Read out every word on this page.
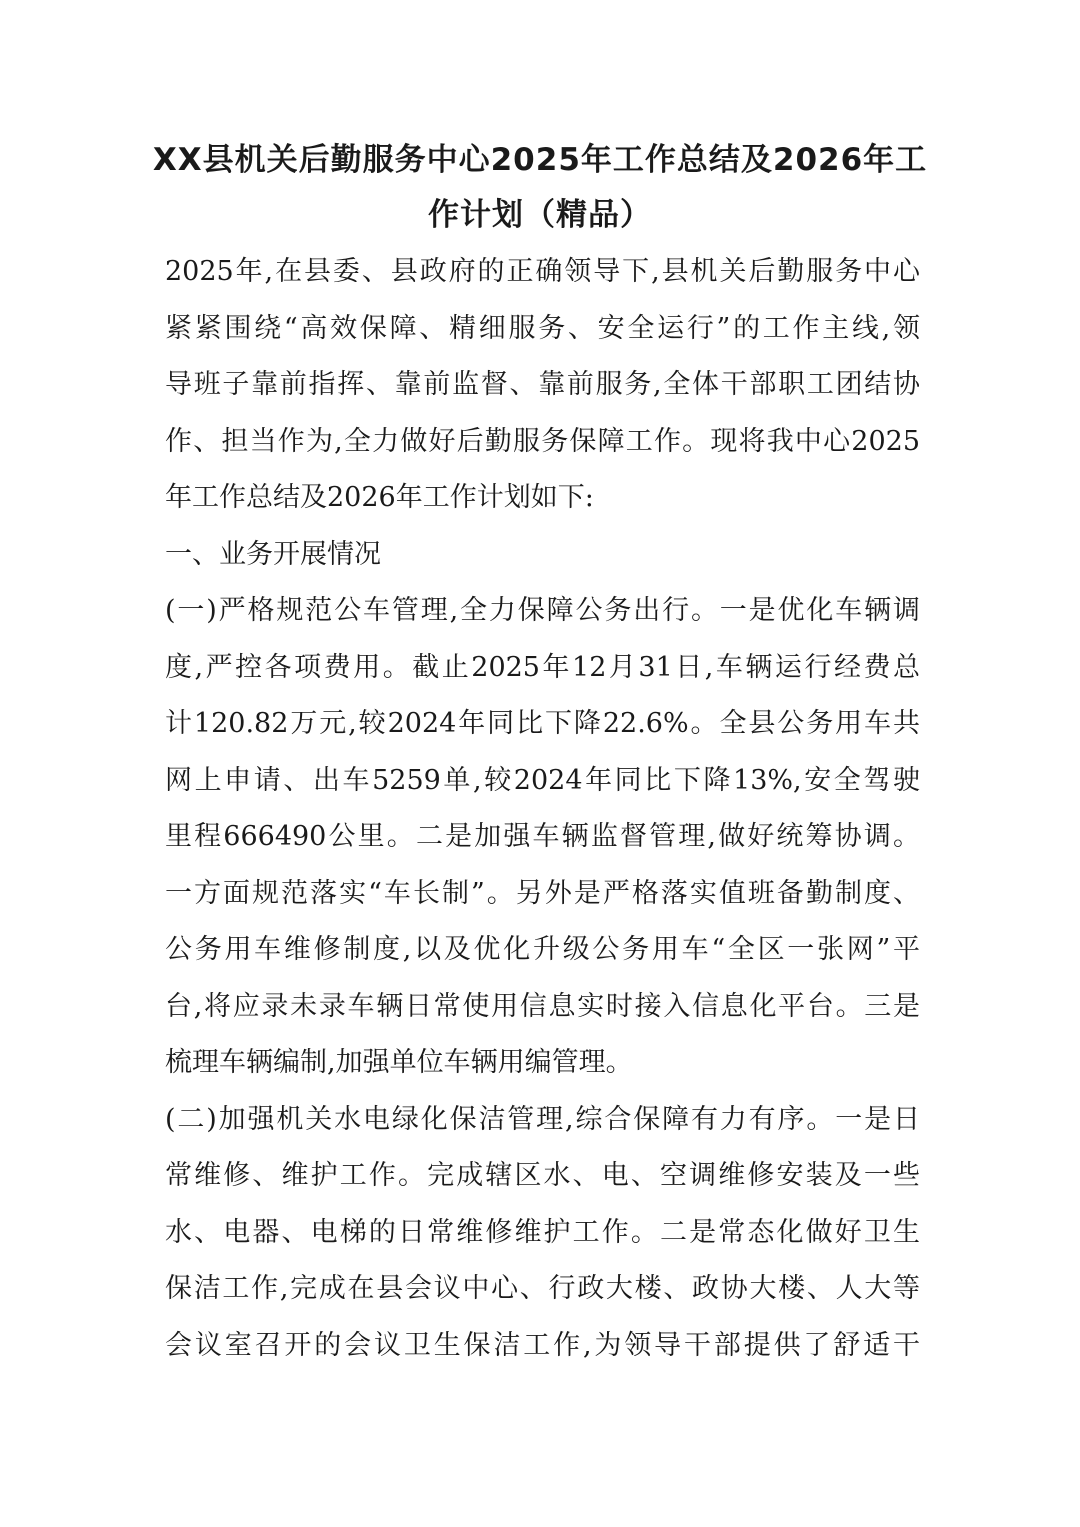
XX县机关后勤服务中心2025年工作总结及2026年工
作计划（精品）
2025年,在县委、县政府的正确领导下,县机关后勤服务中心
紧紧围绕“高效保障、精细服务、安全运行”的工作主线,领
导班子靠前指挥、靠前监督、靠前服务,全体干部职工团结协
作、担当作为,全力做好后勤服务保障工作。现将我中心2025
年工作总结及2026年工作计划如下:
一、业务开展情况
(一)严格规范公车管理,全力保障公务出行。一是优化车辆调
度,严控各项费用。截止2025年12月31日,车辆运行经费总
计120.82万元,较2024年同比下降22.6%。全县公务用车共
网上申请、出车5259单,较2024年同比下降13%,安全驾驶
里程666490公里。二是加强车辆监督管理,做好统筹协调。
一方面规范落实“车长制”。另外是严格落实值班备勤制度、
公务用车维修制度,以及优化升级公务用车“全区一张网”平
台,将应录未录车辆日常使用信息实时接入信息化平台。三是
梳理车辆编制,加强单位车辆用编管理。
(二)加强机关水电绿化保洁管理,综合保障有力有序。一是日
常维修、维护工作。完成辖区水、电、空调维修安装及一些
水、电器、电梯的日常维修维护工作。二是常态化做好卫生
保洁工作,完成在县会议中心、行政大楼、政协大楼、人大等
会议室召开的会议卫生保洁工作,为领导干部提供了舒适干
